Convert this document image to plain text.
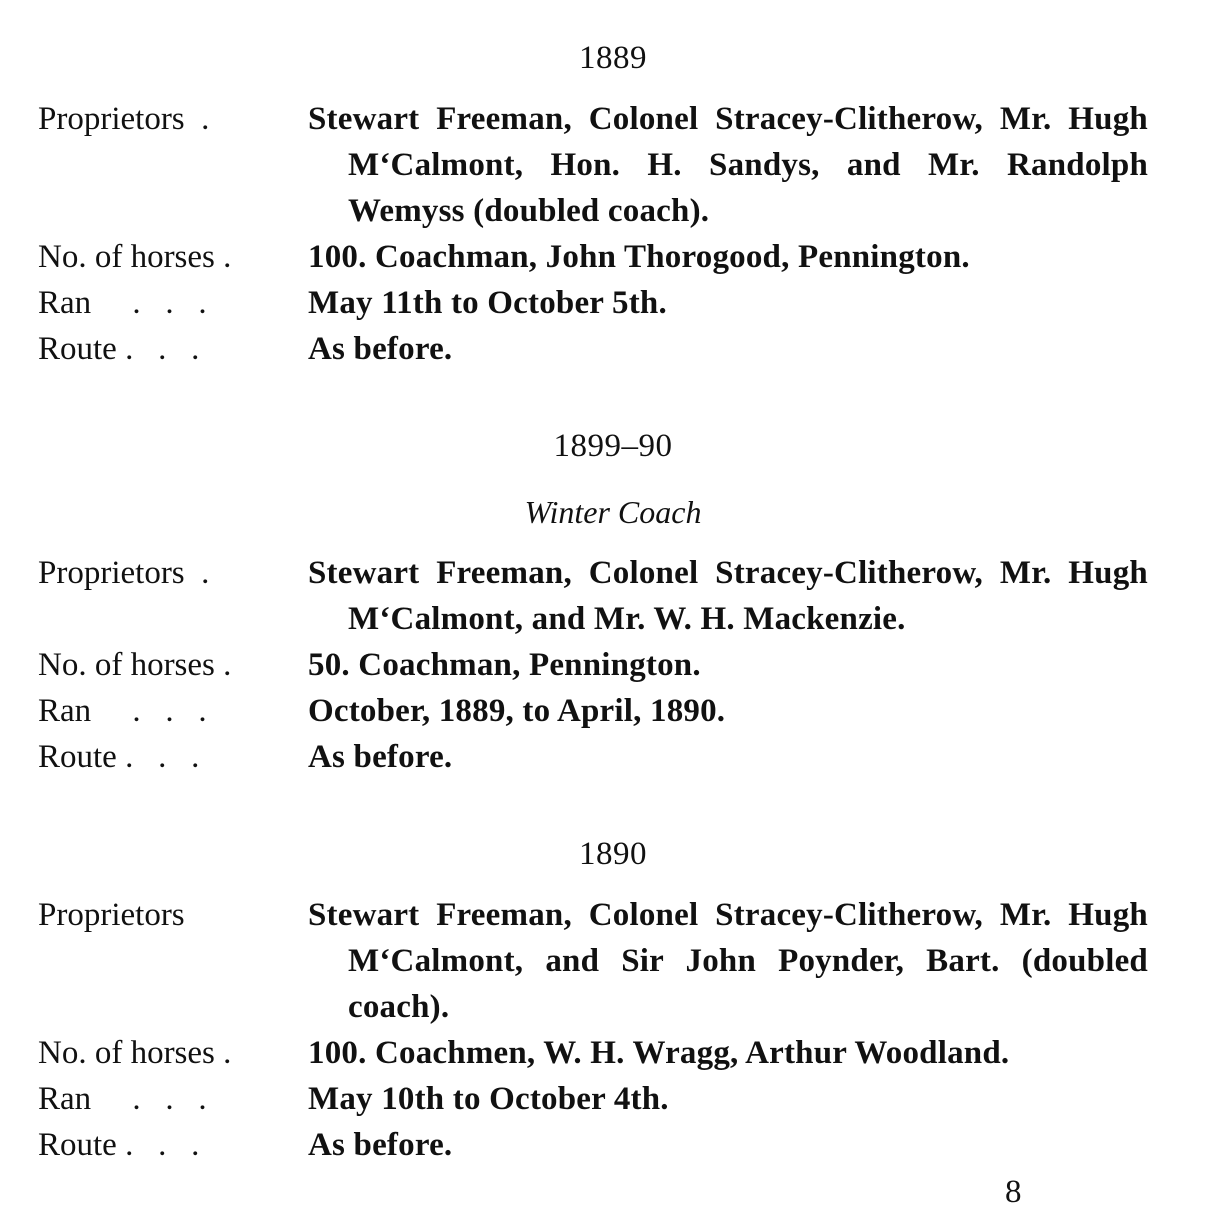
1889
Proprietors  .	Stewart Freeman, Colonel Stracey-Clitherow, Mr. Hugh M‘Calmont, Hon. H. Sandys, and Mr. Randolph Wemyss (doubled coach).
No. of horses .	100. Coachman, John Thorogood, Pennington.
Ran     .   .   .	May 11th to October 5th.
Route .   .   .	As before.
1899–90
Winter Coach
Proprietors  .	Stewart Freeman, Colonel Stracey-Clitherow, Mr. Hugh M‘Calmont, and Mr. W. H. Mackenzie.
No. of horses .	50. Coachman, Pennington.
Ran     .   .   .	October, 1889, to April, 1890.
Route .   .   .	As before.
1890
Proprietors	Stewart Freeman, Colonel Stracey-Clitherow, Mr. Hugh M‘Calmont, and Sir John Poynder, Bart. (doubled coach).
No. of horses .	100. Coachmen, W. H. Wragg, Arthur Woodland.
Ran     .   .   .	May 10th to October 4th.
Route .   .   .	As before.
8
